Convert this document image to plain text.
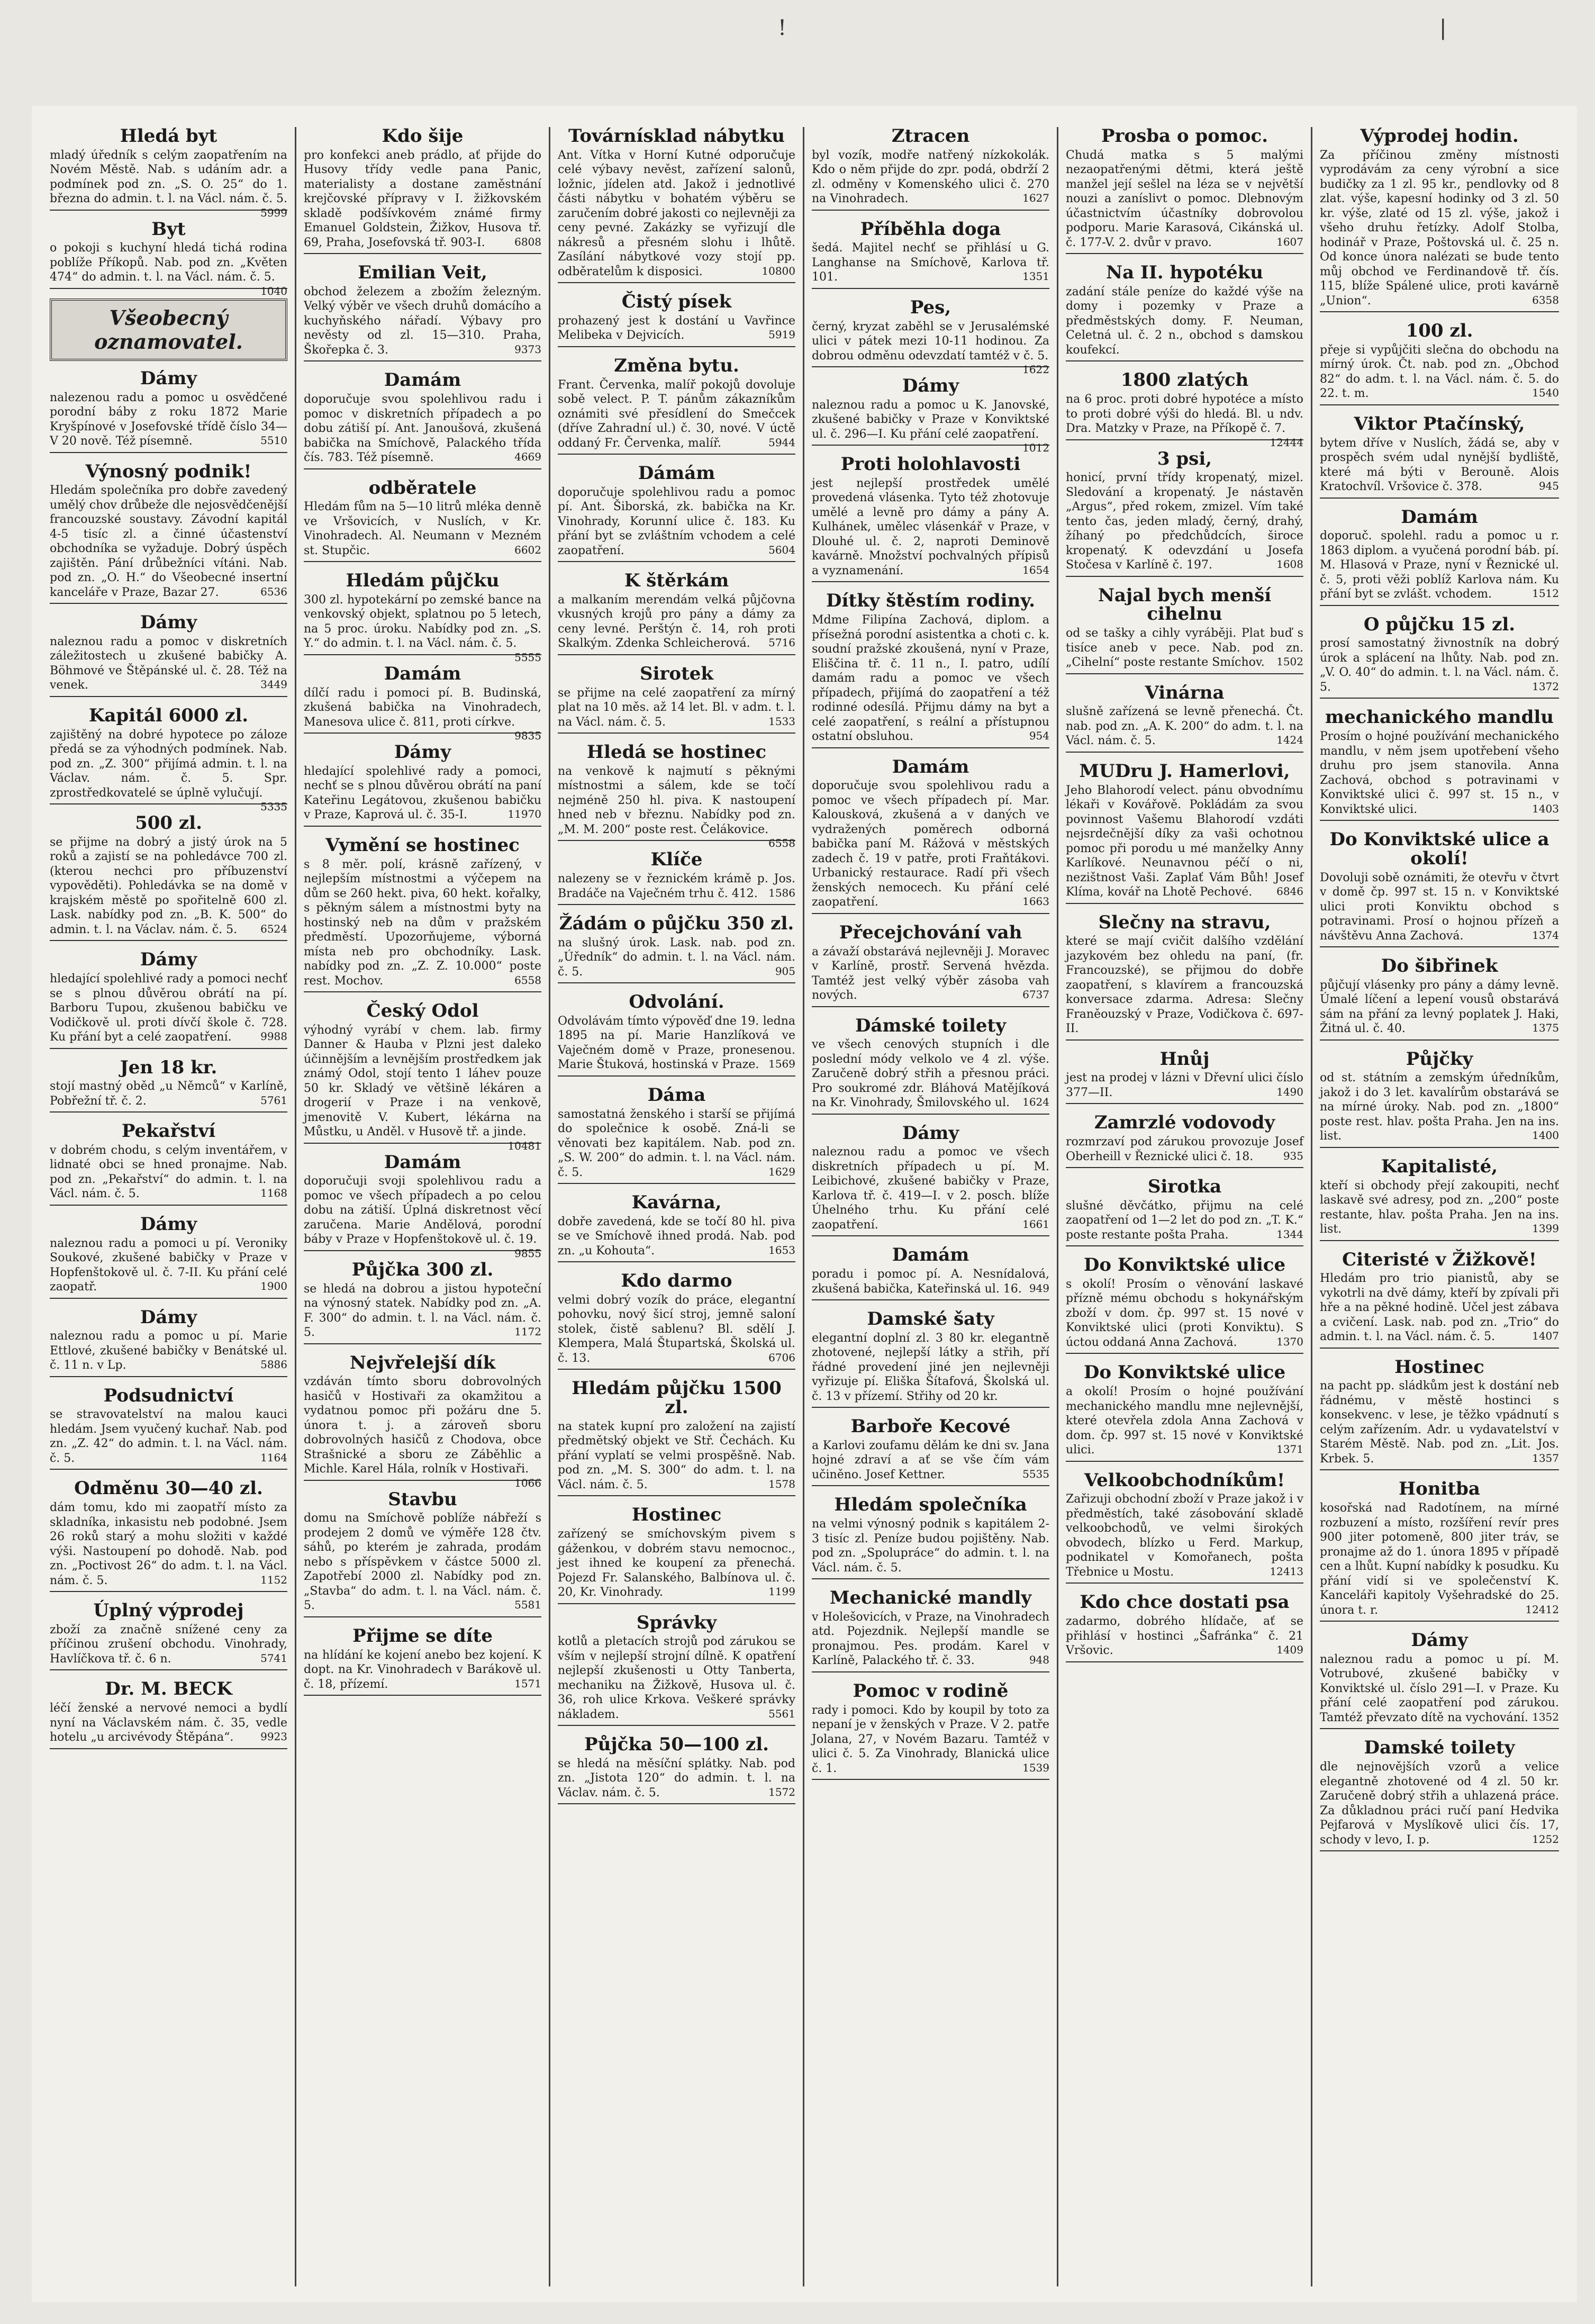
!	|
Hledá byt

mladý úředník s celým zaopatřením na Novém Městě. Nab. s udáním adr. a podmínek pod zn. „S. O. 25“ do 1. března do admin. t. l. na Václ. nám. č. 5.
5999

Byt

o pokoji s kuchyní hledá tichá rodina poblíže Příkopů. Nab. pod zn. „Květen 474“ do admin. t. l. na Václ. nám. č. 5.
1040

Všeobecný oznamovatel.
Dámy

nalezenou radu a pomoc u osvědčené porodní báby z roku 1872 Marie Kryšpínové v Josefovské třídě číslo 34—V 20 nově. Též písemně.	5510

Výnosný podnik!

Hledám společníka pro dobře zavedený umělý chov drůbeže dle nejosvědčenější francouzské soustavy. Závodní kapitál 4-5 tisíc zl. a činné účastenství obchodníka se vyžaduje. Dobrý úspěch zajištěn. Pání drůbežníci vítáni. Nab. pod zn. „O. H.“ do Všeobecné insertní kanceláře v Praze, Bazar 27.	6536

Dámy

naleznou radu a pomoc v diskretních záležitostech u zkušené babičky A. Böhmové ve Štěpánské ul. č. 28. Též na venek.	3449

Kapitál 6000 zl.

zajištěný na dobré hypotece po záloze předá se za výhodných podmínek. Nab. pod zn. „Z. 300“ přijímá admin. t. l. na Václav. nám. č. 5. Spr. zprostředkovatelé se úplně vylučují.
5335

500 zl.

se přijme na dobrý a jistý úrok na 5 roků a zajistí se na pohledávce 700 zl. (kterou nechci pro příbuzenství vypověděti). Pohledávka se na domě v krajském městě po spořitelně 600 zl. Lask. nabídky pod zn. „B. K. 500“ do admin. t. l. na Václav. nám. č. 5. 6524

Dámy

hledající spolehlivé rady a pomoci nechť se s plnou důvěrou obrátí na pí. Barboru Tupou, zkušenou babičku ve Vodičkově ul. proti dívčí škole č. 728. Ku přání byt a celé zaopatření.	9988

Jen 18 kr.

stojí mastný oběd „u Němců“ v Karlíně, Pobřežní tř. č. 2.	5761

Pekařství

v dobrém chodu, s celým inventářem, v lidnaté obci se hned pronajme. Nab. pod zn. „Pekařství“ do admin. t. l. na Václ. nám. č. 5.	1168

Dámy

naleznou radu a pomoci u pí. Veroniky Soukové, zkušené babičky v Praze v Hopfenštokově ul. č. 7-II. Ku přání celé zaopatř.	1900

Dámy

naleznou radu a pomoc u pí. Marie Ettlové, zkušené babičky v Benátské ul. č. 11 n. v Lp.	5886

Podsudnictví

se stravovatelství na malou kauci hledám. Jsem vyučený kuchař. Nab. pod zn. „Z. 42“ do admin. t. l. na Václ. nám. č. 5.	1164

Odměnu 30—40 zl.

dám tomu, kdo mi zaopatří místo za skladníka, inkasistu neb podobné. Jsem 26 roků starý a mohu složiti v každé výši. Nastoupení po dohodě. Nab. pod zn. „Poctivost 26“ do adm. t. l. na Václ. nám. č. 5.	1152

Úplný výprodej

zboží za značně snížené ceny za příčinou zrušení obchodu. Vinohrady, Havlíčkova tř. č. 6 n.	5741

Dr. M. BECK

léčí ženské a nervové nemoci a bydlí nyní na Václavském nám. č. 35, vedle hotelu „u arcivévody Štěpána“.	9923

Kdo šije

pro konfekci aneb prádlo, ať přijde do Husovy třídy vedle pana Panic, materialisty a dostane zaměstnání krejčovské přípravy v I. žižkovském skladě podšívkovém známé firmy Emanuel Goldstein, Žižkov, Husova tř. 69, Praha, Josefovská tř. 903-I.	6808

Emilian Veit,

obchod železem a zbožím železným. Velký výběr ve všech druhů domácího a kuchyňského nářadí. Výbavy pro nevěsty od zl. 15—310. Praha, Škořepka č. 3.	9373

Damám

doporučuje svou spolehlivou radu i pomoc v diskretních případech a po dobu zátiší pí. Ant. Janoušová, zkušená babička na Smíchově, Palackého třída čís. 783. Též písemně.	4669

odběratele

Hledám fům na 5—10 litrů mléka denně ve Vršovicích, v Nuslích, v Kr. Vinohradech. Al. Neumann v Mezném st. Stupčic.	6602

Hledám půjčku

300 zl. hypotekární po zemské bance na venkovský objekt, splatnou po 5 letech, na 5 proc. úroku. Nabídky pod zn. „S. Y.“ do admin. t. l. na Václ. nám. č. 5.
5555

Damám

dílčí radu i pomoci pí. B. Budinská, zkušená babička na Vinohradech, Manesova ulice č. 811, proti církve.
9835

Dámy

hledající spolehlivé rady a pomoci, nechť se s plnou důvěrou obrátí na paní Kateřinu Legátovou, zkušenou babičku v Praze, Kaprová ul. č. 35-I.	11970

Vymění se hostinec

s 8 měr. polí, krásně zařízený, v nejlepším místnostmi a výčepem na dům se 260 hekt. piva, 60 hekt. kořalky, s pěkným sálem a místnostmi byty na hostinský neb na dům v pražském předměstí. Upozorňujeme, výborná místa neb pro obchodníky. Lask. nabídky pod zn. „Z. Z. 10.000“ poste rest. Mochov.	6558

Český Odol

výhodný vyrábí v chem. lab. firmy Danner & Hauba v Plzni jest daleko účinnějším a levnějším prostředkem jak známý Odol, stojí tento 1 láhev pouze 50 kr. Skladý ve většině lékáren a drogerií v Praze i na venkově, jmenovitě V. Kubert, lékárna na Můstku, u Anděl. v Husově tř. a jinde.
10481

Damám

doporučuji svoji spolehlivou radu a pomoc ve všech případech a po celou dobu na zátiší. Úplná diskretnost věcí zaručena. Marie Andělová, porodní báby v Praze v Hopfenštokově ul. č. 19.
9855

Půjčka 300 zl.

se hledá na dobrou a jistou hypoteční na výnosný statek. Nabídky pod zn. „A. F. 300“ do admin. t. l. na Václ. nám. č. 5.	1172

Nejvřelejší dík

vzdáván tímto sboru dobrovolných hasičů v Hostivaři za okamžitou a vydatnou pomoc při požáru dne 5. února t. j. a zároveň sboru dobrovolných hasičů z Chodova, obce Strašnické a sboru ze Záběhlic a Michle. Karel Hála, rolník v Hostivaři.
1066

Stavbu

domu na Smíchově poblíže nábřeží s prodejem 2 domů ve výměře 128 čtv. sáhů, po kterém je zahrada, prodám nebo s příspěvkem v částce 5000 zl. Zapotřebí 2000 zl. Nabídky pod zn. „Stavba“ do adm. t. l. na Václ. nám. č. 5.	5581

Přijme se díte

na hlídání ke kojení anebo bez kojení. K dopt. na Kr. Vinohradech v Barákově ul. č. 18, přízemí.	1571

Továrnísklad nábytku

Ant. Vítka v Horní Kutné odporučuje celé výbavy nevěst, zařízení salonů, ložnic, jídelen atd. Jakož i jednotlivé části nábytku v bohatém výběru se zaručením dobré jakosti co nejlevněji za ceny pevné. Zakázky se vyřizují dle nákresů a přesném slohu i lhůtě. Zasílání nábytkové vozy stojí pp. odběratelům k disposici.	10800

Čistý písek

prohazený jest k dostání u Vavřince Melibeka v Dejvicích.	5919

Změna bytu.

Frant. Červenka, malíř pokojů dovoluje sobě velect. P. T. pánům zákazníkům oznámiti své přesídlení do Smečcek (dříve Zahradní ul.) č. 30, nové. V úctě oddaný Fr. Červenka, malíř.	5944

Dámám

doporučuje spolehlivou radu a pomoc pí. Ant. Šiborská, zk. babička na Kr. Vinohrady, Korunní ulice č. 183. Ku přání byt se zvláštním vchodem a celé zaopatření.	5604

K štěrkám

a malkaním merendám velká půjčovna vkusných krojů pro pány a dámy za ceny levné. Perštýn č. 14, roh proti Skalkým. Zdenka Schleicherová. 5716

Sirotek

se přijme na celé zaopatření za mírný plat na 10 měs. až 14 let. Bl. v adm. t. l. na Václ. nám. č. 5.	1533

Hledá se hostinec

na venkově k najmutí s pěknými místnostmi a sálem, kde se točí nejméně 250 hl. piva. K nastoupení hned neb v březnu. Nabídky pod zn. „M. M. 200“ poste rest. Čelákovice.
6558

Klíče

nalezeny se v řeznickém krámě p. Jos. Bradáče na Vaječném trhu č. 412. 1586

Žádám o půjčku 350 zl.

na slušný úrok. Lask. nab. pod zn. „Úředník“ do admin. t. l. na Václ. nám. č. 5.	905

Odvolání.

Odvolávám tímto výpověď dne 19. ledna 1895 na pí. Marie Hanzlíková ve Vaječném domě v Praze, pronesenou. Marie Štuková, hostinská v Praze. 1569

Dáma

samostatná ženského i starší se přijímá do společnice k osobě. Zná-li se věnovati bez kapitálem. Nab. pod zn. „S. W. 200“ do admin. t. l. na Václ. nám. č. 5.	1629

Kavárna,

dobře zavedená, kde se točí 80 hl. piva se ve Smíchově ihned prodá. Nab. pod zn. „u Kohouta“.	1653

Kdo darmo

velmi dobrý vozík do práce, elegantní pohovku, nový šicí stroj, jemně saloní stolek, čistě sablenu? Bl. sdělí J. Klempera, Malá Štupartská, Školská ul. č. 13.	6706

Hledám půjčku 1500 zl.

na statek kupní pro založení na zajistí předmětský objekt ve Stř. Čechách. Ku přání vyplatí se velmi prospěšně. Nab. pod zn. „M. S. 300“ do adm. t. l. na Václ. nám. č. 5.	1578

Hostinec

zařízený se smíchovským pivem s gáženkou, v dobrém stavu nemocnoc., jest ihned ke koupení za přenechá. Pojezd Fr. Salanského, Balbínova ul. č. 20, Kr. Vinohrady.	1199

Správky

kotlů a pletacích strojů pod zárukou se vším v nejlepší strojní dílně. K opatření nejlepší zkušenosti u Otty Tanberta, mechaniku na Žižkově, Husova ul. č. 36, roh ulice Krkova. Veškeré správky nákladem.	5561

Půjčka 50—100 zl.

se hledá na měsíční splátky. Nab. pod zn. „Jistota 120“ do admin. t. l. na Václav. nám. č. 5.	1572

Ztracen

byl vozík, modře natřený nízkokolák. Kdo o něm přijde do zpr. podá, obdrží 2 zl. odměny v Komenského ulici č. 270 na Vinohradech.	1627

Příběhla doga

šedá. Majitel nechť se přihlásí u G. Langhanse na Smíchově, Karlova tř. 101.	1351

Pes,

černý, kryzat zaběhl se v Jerusalémské ulici v pátek mezi 10-11 hodinou. Za dobrou odměnu odevzdatí tamtéž v č. 5.
1622

Dámy

naleznou radu a pomoc u K. Janovské, zkušené babičky v Praze v Konviktské ul. č. 296—I. Ku přání celé zaopatření.
1012

Proti holohlavosti

jest nejlepší prostředek umělé provedená vlásenka. Tyto též zhotovuje umělé a levně pro dámy a pány A. Kulhánek, umělec vlásenkář v Praze, v Dlouhé ul. č. 2, naproti Deminově kavárně. Množství pochvalných přípisů a vyznamenání.	1654

Dítky štěstím rodiny.

Mdme Filipína Zachová, diplom. a přísežná porodní asistentka a choti c. k. soudní pražské zkoušená, nyní v Praze, Eliščina tř. č. 11 n., I. patro, udílí damám radu a pomoc ve všech případech, přijímá do zaopatření a též rodinné odesílá. Přijmu dámy na byt a celé zaopatření, s reální a přístupnou ostatní obsluhou.	954

Damám

doporučuje svou spolehlivou radu a pomoc ve všech případech pí. Mar. Kalousková, zkušená a v daných ve vydražených poměrech odborná babička paní M. Rážová v městských zadech č. 19 v patře, proti Fraňtákovi. Urbanický restaurace. Radí při všech ženských nemocech. Ku přání celé zaopatření.	1663

Přecejchování vah

a závaží obstarává nejlevněji J. Moravec v Karlíně, prostř. Servená hvězda. Tamtéž jest velký výběr zásoba vah nových.	6737

Dámské toilety

ve všech cenových stupních i dle poslední módy velkolo ve 4 zl. výše. Zaručeně dobrý střih a přesnou práci. Pro soukromé zdr. Bláhová Matějíková na Kr. Vinohrady, Šmilovského ul. 1624

Dámy

naleznou radu a pomoc ve všech diskretních případech u pí. M. Leibichové, zkušené babičky v Praze, Karlova tř. č. 419—I. v 2. posch. blíže Úhelného trhu. Ku přání celé zaopatření.	1661

Damám

poradu i pomoc pí. A. Nesnídalová, zkušená babička, Kateřinská ul. 16. 949

Damské šaty

elegantní doplní zl. 3 80 kr. elegantně zhotovené, nejlepší látky a střih, pří řádné provedení jiné jen nejlevněji vyřizuje pí. Eliška Šítafová, Školská ul. č. 13 v přízemí. Střihy od 20 kr.

Barboře Kecové

a Karlovi zoufamu dělám ke dni sv. Jana hojné zdraví a ať se vše čím vám učiněno. Josef Kettner.	5535

Hledám společníka

na velmi výnosný podnik s kapitálem 2-3 tisíc zl. Peníze budou pojištěny. Nab. pod zn. „Spolupráce“ do admin. t. l. na Václ. nám. č. 5.

Mechanické mandly

v Holešovicích, v Praze, na Vinohradech atd. Pojezdnik. Nejlepší mandle se pronajmou. Pes. prodám. Karel v Karlíně, Palackého tř. č. 33.	948

Pomoc v rodině

rady i pomoci. Kdo by koupil by toto za nepaní je v ženských v Praze. V 2. patře Jolana, 27, v Novém Bazaru. Tamtéž v ulici č. 5. Za Vinohrady, Blanická ulice č. 1.	1539

Prosba o pomoc.

Chudá matka s 5 malými nezaopatřenými dětmi, která ještě manžel její sešlel na léza se v největší nouzi a zaníslivt o pomoc. Dlebnovým účastnictvím účastníky dobrovolou podporu. Marie Karasová, Cikánská ul. č. 177-V. 2. dvůr v pravo.	1607

Na II. hypotéku

zadání stále peníze do každé výše na domy i pozemky v Praze a předměstských domy. F. Neuman, Celetná ul. č. 2 n., obchod s damskou koufekcí.

1800 zlatých

na 6 proc. proti dobré hypotéce a místo to proti dobré výši do hledá. Bl. u ndv. Dra. Matzky v Praze, na Příkopě č. 7.
12444

3 psi,

honicí, první třídy kropenatý, mizel. Sledování a kropenatý. Je nástavěn „Argus“, před rokem, zmizel. Vím také tento čas, jeden mladý, černý, drahý, žíhaný po předchůdcích, široce kropenatý. K odevzdání u Josefa Stočesa v Karlíně č. 197.	1608

Najal bych menší cihelnu

od se tašky a cihly vyráběji. Plat buď s tisíce aneb v pece. Nab. pod zn. „Cihelní“ poste restante Smíchov. 1502

Vinárna

slušně zařízená se levně přenechá. Čt. nab. pod zn. „A. K. 200“ do adm. t. l. na Václ. nám. č. 5.	1424

MUDru J. Hamerlovi,

Jeho Blahorodí velect. pánu obvodnímu lékaři v Kovářově. Pokládám za svou povinnost Vašemu Blahorodí vzdáti nejsrdečnější díky za vaši ochotnou pomoc při porodu u mé manželky Anny Karlíkové. Neunavnou péčí o ni, nezištnost Vaši. Zaplať Vám Bůh! Josef Klíma, kovář na Lhotě Pechové. 6846

Slečny na stravu,

které se mají cvičit dalšího vzdělání jazykovém bez ohledu na paní, (fr. Francouzské), se přijmou do dobře zaopatření, s klavírem a francouzská konversace zdarma. Adresa: Slečny Franěouzský v Praze, Vodičkova č. 697-II.

Hnůj

jest na prodej v lázni v Dřevní ulici číslo 377—II.	1490

Zamrzlé vodovody

rozmrzaví pod zárukou provozuje Josef Oberheill v Řeznické ulici č. 18.	935

Sirotka

slušné děvčátko, přijmu na celé zaopatření od 1—2 let do pod zn. „T. K.“ poste restante pošta Praha.	1344

Do Konviktské ulice

s okolí! Prosím o věnování laskavé přízně mému obchodu s hokynářským zboží v dom. čp. 997 st. 15 nové v Konviktské ulici (proti Konviktu). S úctou oddaná Anna Zachová.	1370

Do Konviktské ulice

a okolí! Prosím o hojné používání mechanického mandlu mne nejlevnější, které otevřela zdola Anna Zachová v dom. čp. 997 st. 15 nové v Konviktské ulici.	1371

Velkoobchodníkům!

Zařizuji obchodní zboží v Praze jakož i v předměstích, také zásobování skladě velkoobchodů, ve velmi širokých obvodech, blízko u Ferd. Markup, podnikatel v Komořanech, pošta Třebnice u Mostu.	12413

Kdo chce dostati psa

zadarmo, dobrého hlídače, ať se přihlásí v hostinci „Šafránka“ č. 21 Vršovic.	1409

Výprodej hodin.

Za příčinou změny místnosti vyprodávám za ceny výrobní a sice budičky za 1 zl. 95 kr., pendlovky od 8 zlat. výše, kapesní hodinky od 3 zl. 50 kr. výše, zlaté od 15 zl. výše, jakož i všeho druhu řetízky. Adolf Stolba, hodinář v Praze, Poštovská ul. č. 25 n. Od konce února nalézati se bude tento můj obchod ve Ferdinandově tř. čís. 115, blíže Spálené ulice, proti kavárně „Union“.	6358

100 zl.

přeje si vypůjčiti slečna do obchodu na mírný úrok. Čt. nab. pod zn. „Obchod 82“ do adm. t. l. na Václ. nám. č. 5. do 22. t. m.	1540

Viktor Ptačínský,

bytem dříve v Nuslích, žádá se, aby v prospěch svém udal nynější bydliště, které má býti v Berouně. Alois Kratochvíl. Vršovice č. 378.	945

Damám

doporuč. spolehl. radu a pomoc u r. 1863 diplom. a vyučená porodní báb. pí. M. Hlasová v Praze, nyní v Řeznické ul. č. 5, proti věži poblíž Karlova nám. Ku přání byt se zvlášt. vchodem.	1512

O půjčku 15 zl.

prosí samostatný živnostník na dobrý úrok a splácení na lhůty. Nab. pod zn. „V. O. 40“ do admin. t. l. na Václ. nám. č. 5.	1372

mechanického mandlu

Prosím o hojné používání mechanického mandlu, v něm jsem upotřebení všeho druhu pro jsem stanovila. Anna Zachová, obchod s potravinami v Konviktské ulici č. 997 st. 15 n., v Konviktské ulici.	1403

Do Konviktské ulice a okolí!

Dovoluji sobě oznámiti, že otevřu v čtvrt v domě čp. 997 st. 15 n. v Konviktské ulici proti Konviktu obchod s potravinami. Prosí o hojnou přízeň a návštěvu Anna Zachová.	1374

Do šibřinek

půjčují vlásenky pro pány a dámy levně. Úmalé líčení a lepení vousů obstarává sám na přání za levný poplatek J. Haki, Žitná ul. č. 40.	1375

Půjčky

od st. státním a zemským úředníkům, jakož i do 3 let. kavalírům obstarává se na mírné úroky. Nab. pod zn. „1800“ poste rest. hlav. pošta Praha. Jen na ins. list.	1400

Kapitalisté,

kteří si obchody přejí zakoupiti, nechť laskavě své adresy, pod zn. „200“ poste restante, hlav. pošta Praha. Jen na ins. list.	1399

Citeristé v Žižkově!

Hledám pro trio pianistů, aby se vykotrli na dvě dámy, kteří by zpívali při hře a na pěkné hodině. Učel jest zábava a cvičení. Lask. nab. pod zn. „Trio“ do admin. t. l. na Václ. nám. č. 5.	1407

Hostinec

na pacht pp. sládkům jest k dostání neb řádnému, v městě hostinci s konsekvenc. v lese, je těžko vpádnutí s celým zařízením. Adr. u vydavatelství v Starém Městě. Nab. pod zn. „Lit. Jos. Krbek. 5.	1357

Honitba

kosořská nad Radotínem, na mírné rozbuzení a místo, rozšíření revír pres 900 jiter potomeně, 800 jiter tráv, se pronajme až do 1. února 1895 v případě cen a lhůt. Kupní nabídky k posudku. Ku přání vidí si ve společenství K. Kanceláři kapitoly Vyšehradské do 25. února t. r.	12412

Dámy

naleznou radu a pomoc u pí. M. Votrubové, zkušené babičky v Konviktské ul. číslo 291—I. v Praze. Ku přání celé zaopatření pod zárukou. Tamtéž převzato dítě na vychování. 1352

Damské toilety

dle nejnovějších vzorů a velice elegantně zhotovené od 4 zl. 50 kr. Zaručeně dobrý střih a uhlazená práce. Za důkladnou práci ručí paní Hedvika Pejfarová v Myslíkově ulici čís. 17, schody v levo, I. p.	1252
